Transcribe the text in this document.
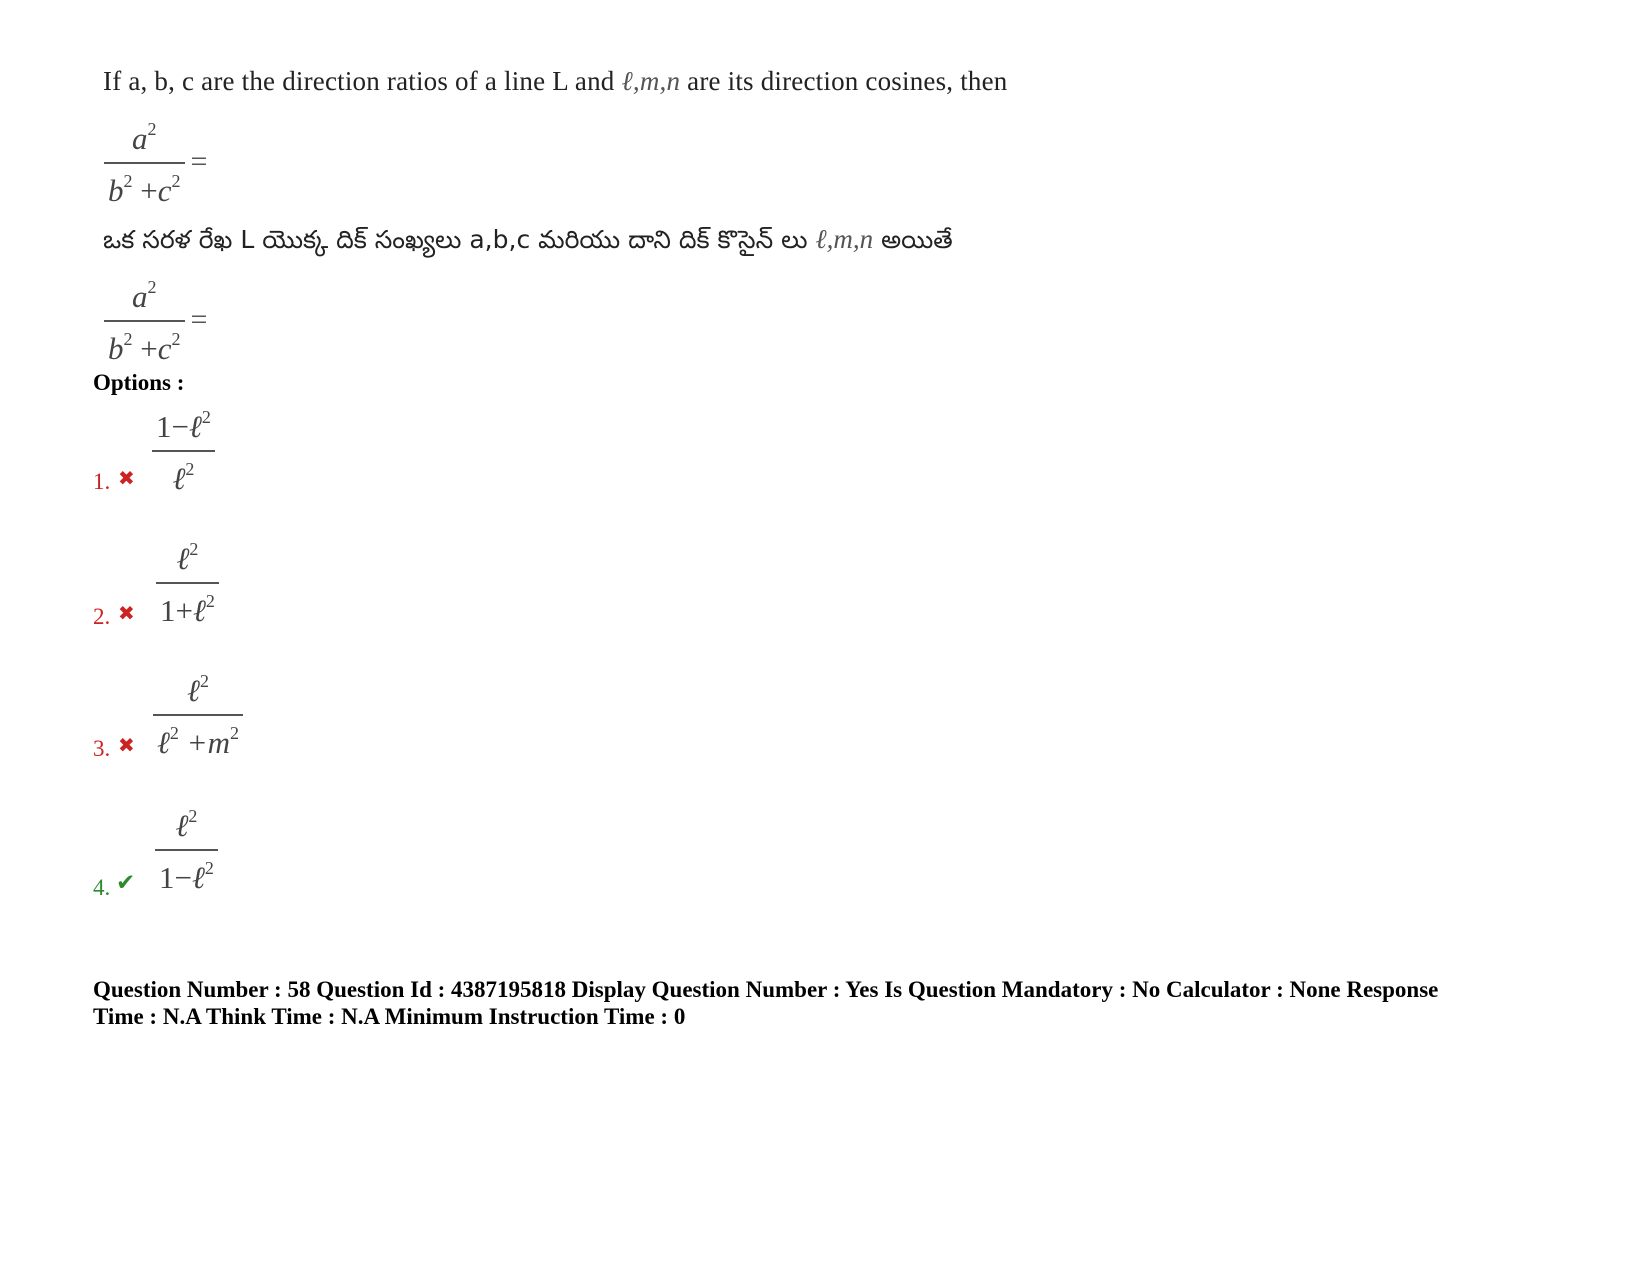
If a, b, c are the direction ratios of a line L and ℓ,m,n are its direction cosines, then
$\frac{a^2}{b^2 +c^2}$ =
ఒక సరళ రేఖ L యొక్క దిక్ సంఖ్యలు a,b,c మరియు దాని దిక్ కొసైన్ లు ℓ,m,n అయితే
$\frac{a^2}{b^2 +c^2}$ =
Options :
1. ✖ $\frac{1-\ell^2}{\ell^2}$
2. ✖ $\frac{\ell^2}{1+\ell^2}$
3. ✖ $\frac{\ell^2}{\ell^2 +m^2}$
4. ✔ $\frac{\ell^2}{1-\ell^2}$
Question Number : 58 Question Id : 4387195818 Display Question Number : Yes Is Question Mandatory : No Calculator : None Response
Time : N.A Think Time : N.A Minimum Instruction Time : 0
